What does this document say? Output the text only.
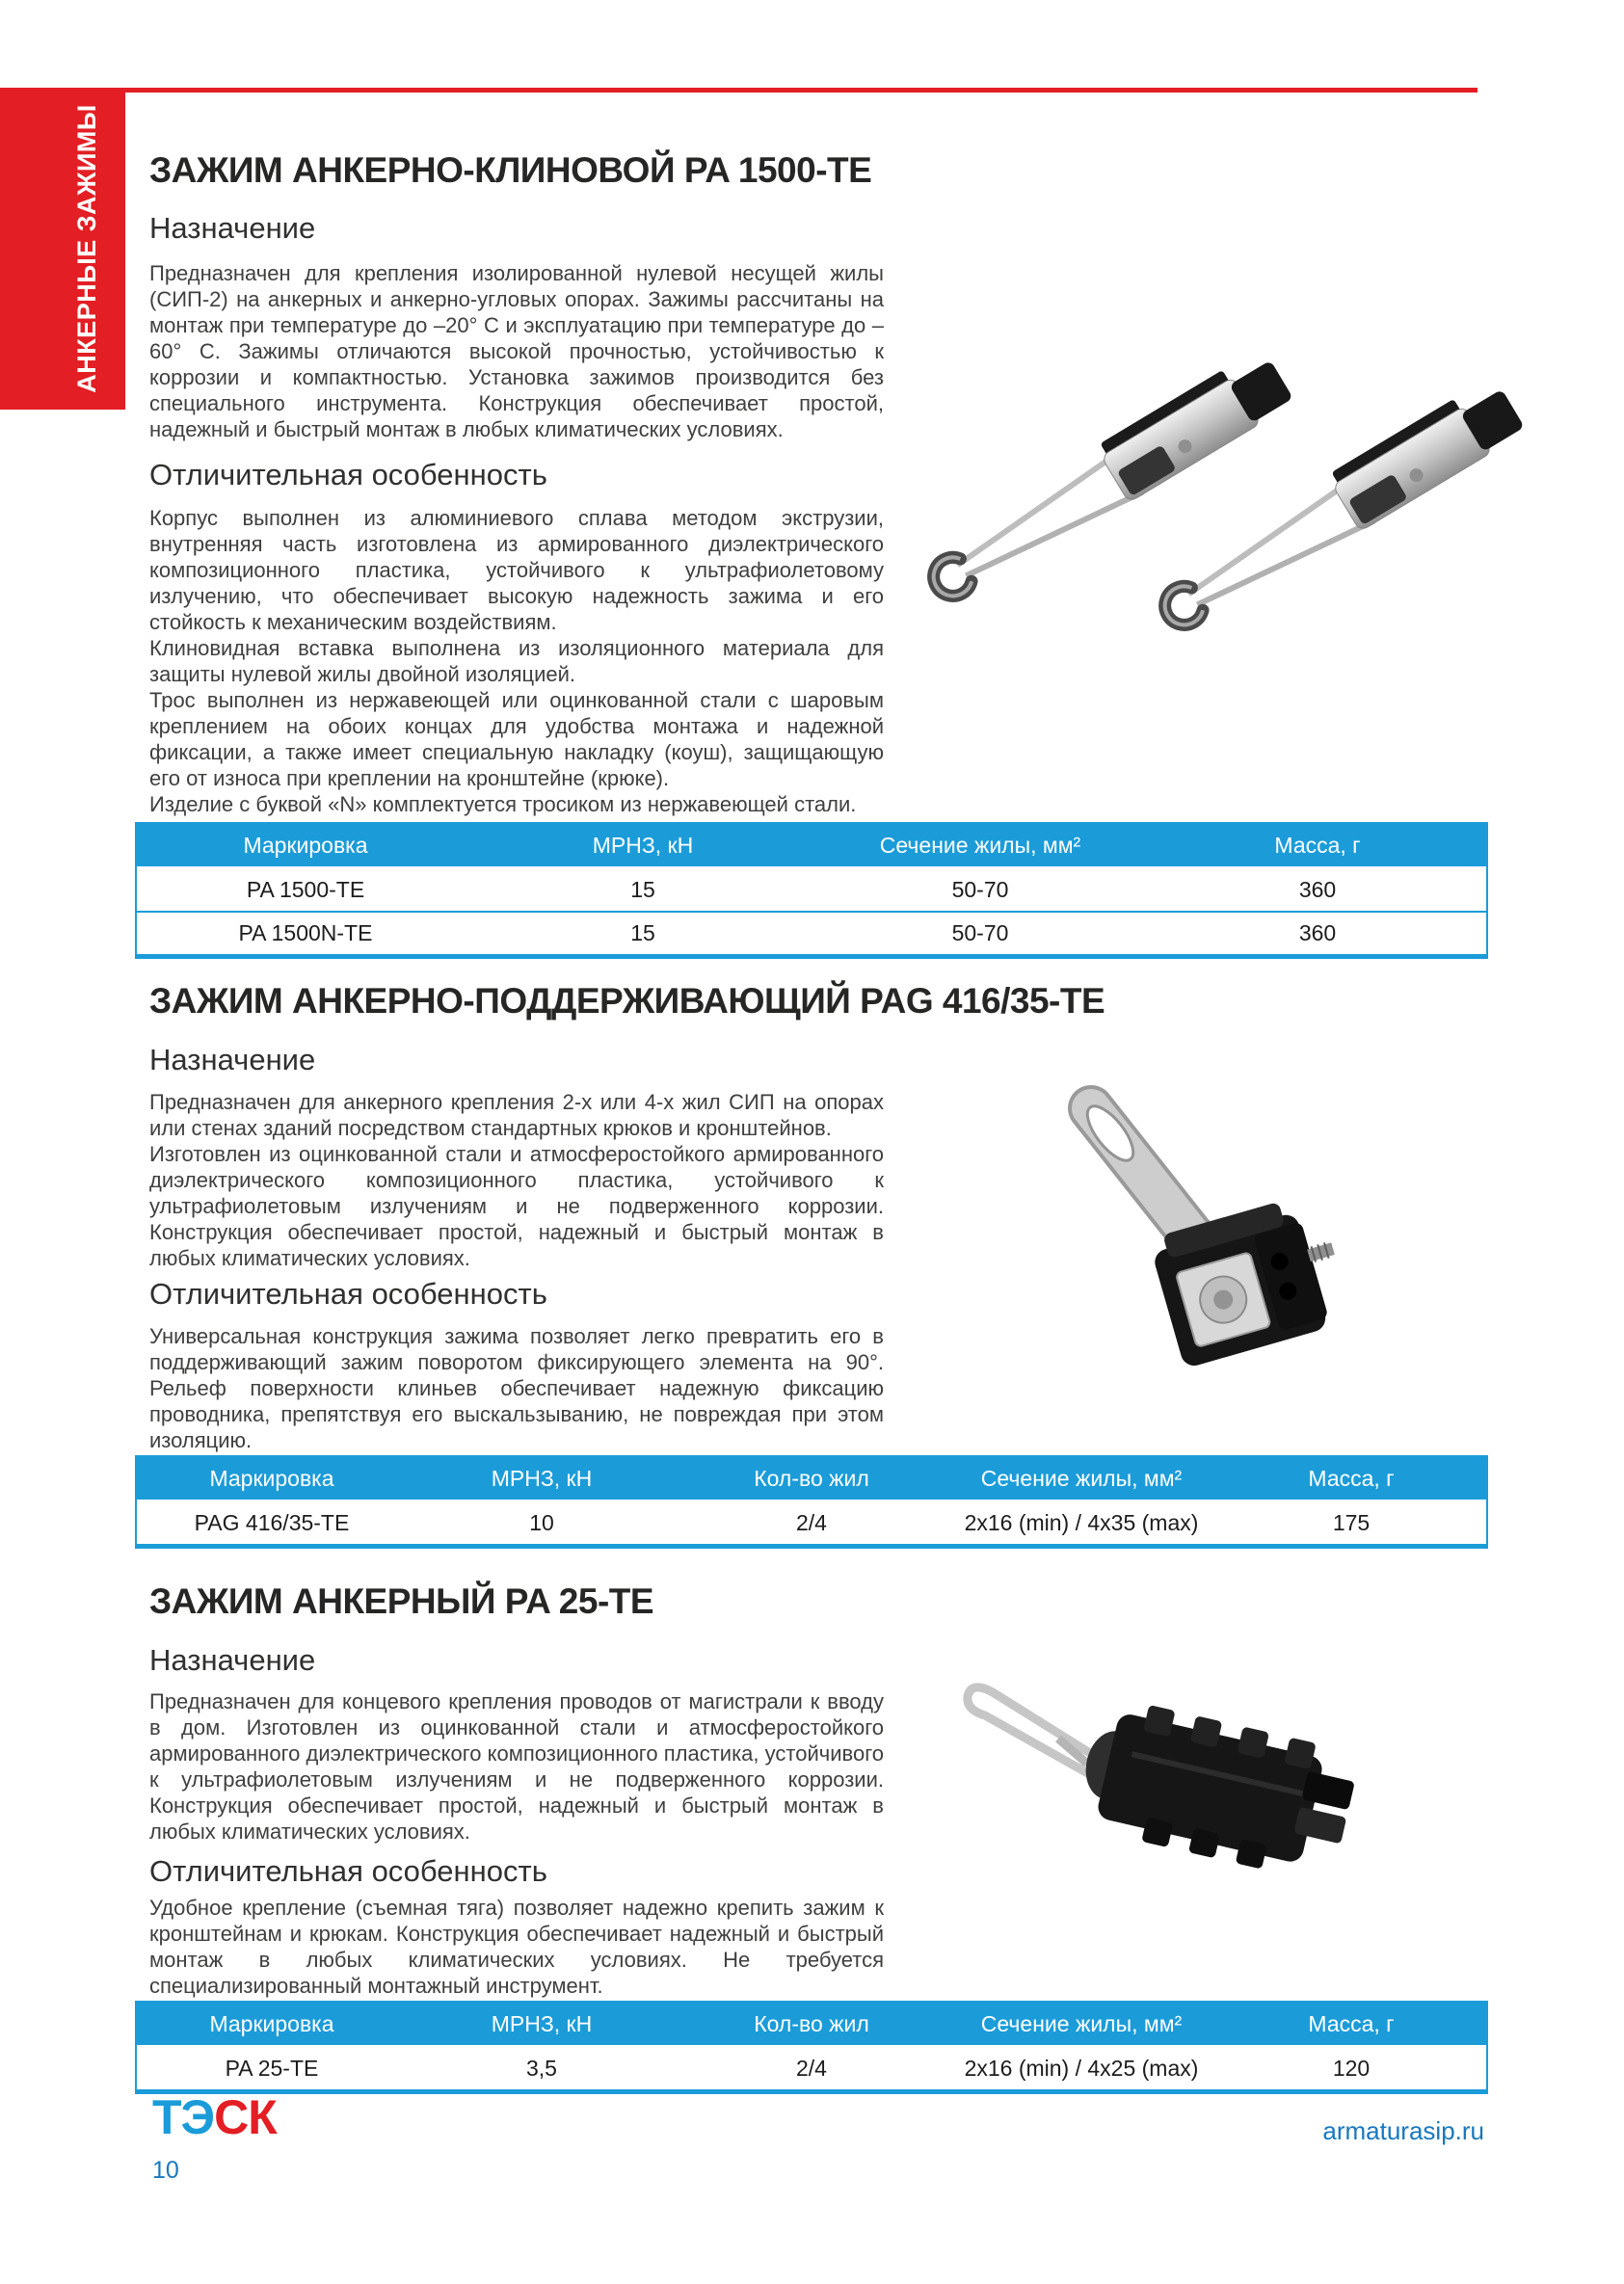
АНКЕРНЫЕ ЗАЖИМЫ ЗАЖИМ АНКЕРНО-КЛИНОВОЙ PA 1500-TE
Назначение

Предназначен для крепления изолированной нулевой несущей жилы (СИП-2) на анкерных и анкерно-угловых опорах. Зажимы рассчитаны на монтаж при температуре до –20° С и эксплуатацию при температуре до –60° С. Зажимы отличаются высокой прочностью, устойчивостью к коррозии и компактностью. Установка зажимов производится без специального инструмента. Конструкция обеспечивает простой, надежный и быстрый монтаж в любых климатических условиях.

Отличительная особенность

Корпус выполнен из алюминиевого сплава методом экструзии, внутренняя часть изготовлена из армированного диэлектрического композиционного пластика, устойчивого к ультрафиолетовому излучению, что обеспечивает высокую надежность зажима и его стойкость к механическим воздействиям.

Клиновидная вставка выполнена из изоляционного материала для защиты нулевой жилы двойной изоляцией.

Трос выполнен из нержавеющей или оцинкованной стали с шаровым креплением на обоих концах для удобства монтажа и надежной фиксации, а также имеет специальную накладку (коуш), защищающую его от износа при креплении на кронштейне (крюке).

Изделие с буквой «N» комплектуется тросиком из нержавеющей стали.

Маркировка	МРНЗ, кН	Сечение жилы, мм²	Масса, г
PA 1500-TE	15	50-70	360
PA 1500N-TE	15	50-70	360
ЗАЖИМ АНКЕРНО-ПОДДЕРЖИВАЮЩИЙ PAG 416/35-TE
Назначение

Предназначен для анкерного крепления 2-х или 4-х жил СИП на опорах или стенах зданий посредством стандартных крюков и кронштейнов.

Изготовлен из оцинкованной стали и атмосферостойкого армированного диэлектрического композиционного пластика, устойчивого к ультрафиолетовым излучениям и не подверженного коррозии. Конструкция обеспечивает простой, надежный и быстрый монтаж в любых климатических условиях.

Отличительная особенность

Универсальная конструкция зажима позволяет легко превратить его в поддерживающий зажим поворотом фиксирующего элемента на 90°. Рельеф поверхности клиньев обеспечивает надежную фиксацию проводника, препятствуя его выскальзыванию, не повреждая при этом изоляцию.

Маркировка	МРНЗ, кН	Кол-во жил	Сечение жилы, мм²	Масса, г
PAG 416/35-TE	10	2/4	2x16 (min) / 4x35 (max)	175
ЗАЖИМ АНКЕРНЫЙ PA 25-TE
Назначение

Предназначен для концевого крепления проводов от магистрали к вводу в дом. Изготовлен из оцинкованной стали и атмосферостойкого армированного диэлектрического композиционного пластика, устойчивого к ультрафиолетовым излучениям и не подверженного коррозии. Конструкция обеспечивает простой, надежный и быстрый монтаж в любых климатических условиях.

Отличительная особенность

Удобное крепление (съемная тяга) позволяет надежно крепить зажим к кронштейнам и крюкам. Конструкция обеспечивает надежный и быстрый монтаж в любых климатических условиях. Не требуется специализированный монтажный инструмент.

Маркировка	МРНЗ, кН	Кол-во жил	Сечение жилы, мм²	Масса, г
PA 25-TE	3,5	2/4	2x16 (min) / 4x25 (max)	120
ТЭСК
10
armaturasip.ru
